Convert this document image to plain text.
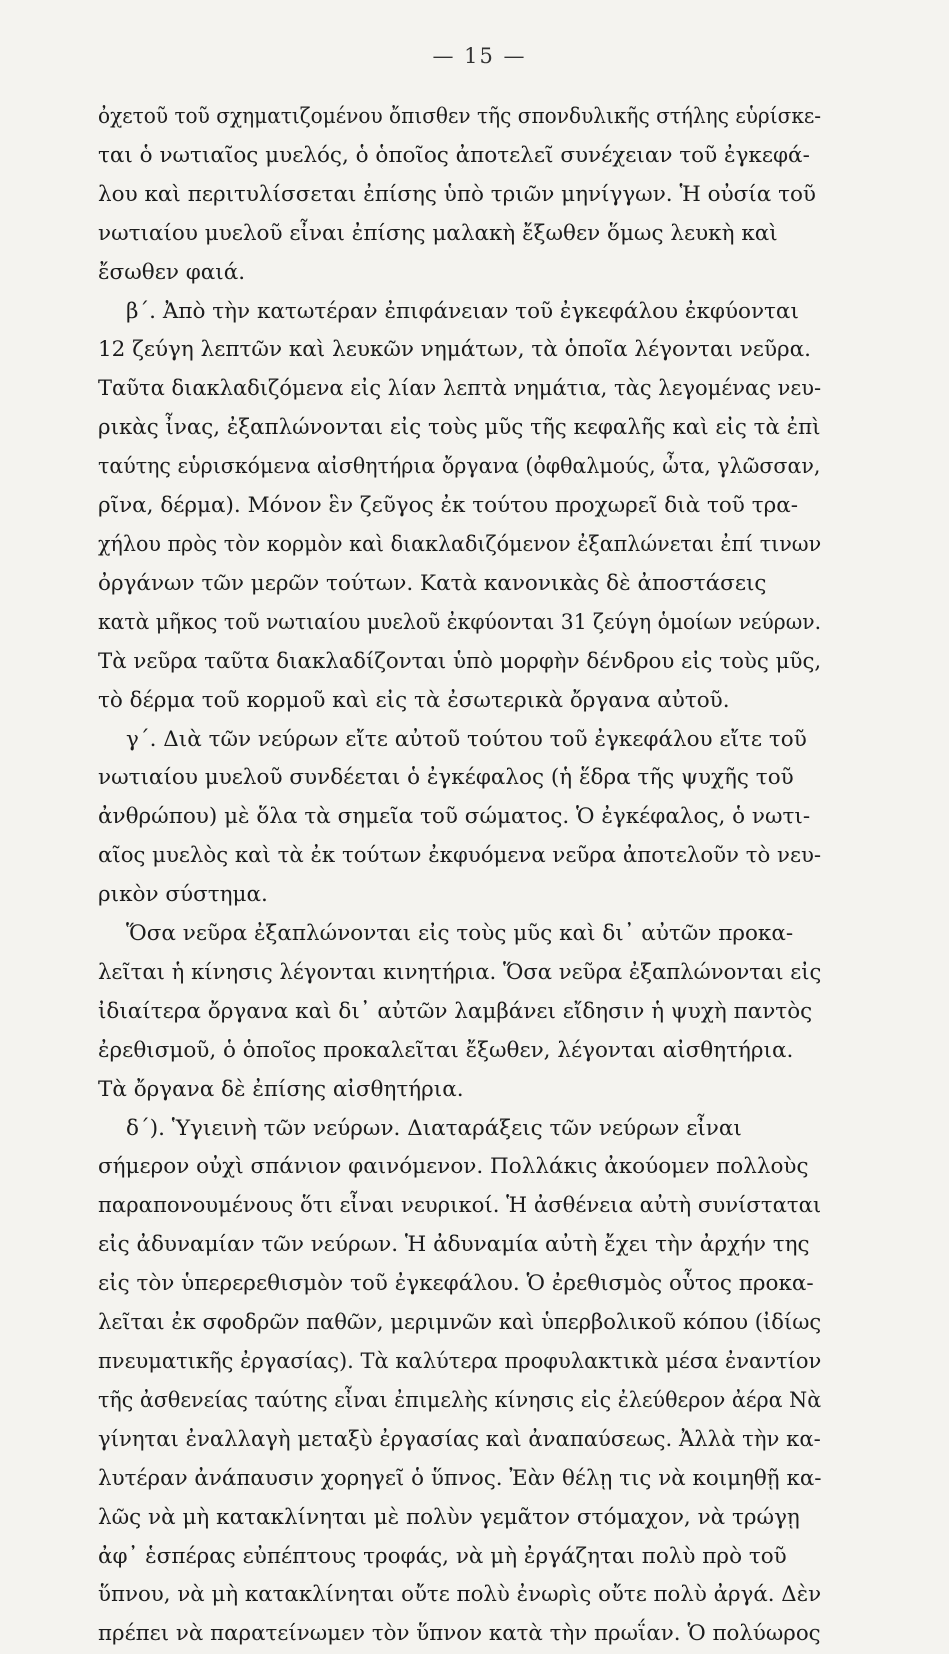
— 15 —
ὀχετοῦ τοῦ σχηματιζομένου ὄπισθεν τῆς σπονδυλικῆς στήλης εὑρίσκε-
ται ὁ νωτιαῖος μυελός, ὁ ὁποῖος ἀποτελεῖ συνέχειαν τοῦ ἐγκεφά-
λου καὶ περιτυλίσσεται ἐπίσης ὑπὸ τριῶν μηνίγγων. Ἡ οὐσία τοῦ
νωτιαίου μυελοῦ εἶναι ἐπίσης μαλακὴ ἔξωθεν ὅμως λευκὴ καὶ
ἔσωθεν φαιά.
β΄. Ἀπὸ τὴν κατωτέραν ἐπιφάνειαν τοῦ ἐγκεφάλου ἐκφύονται
12 ζεύγη λεπτῶν καὶ λευκῶν νημάτων, τὰ ὁποῖα λέγονται νεῦρα.
Ταῦτα διακλαδιζόμενα εἰς λίαν λεπτὰ νημάτια, τὰς λεγομένας νευ-
ρικὰς ἶνας, ἐξαπλώνονται εἰς τοὺς μῦς τῆς κεφαλῆς καὶ εἰς τὰ ἐπὶ
ταύτης εὑρισκόμενα αἰσθητήρια ὄργανα (ὀφθαλμούς, ὦτα, γλῶσσαν,
ρῖνα, δέρμα). Μόνον ἓν ζεῦγος ἐκ τούτου προχωρεῖ διὰ τοῦ τρα-
χήλου πρὸς τὸν κορμὸν καὶ διακλαδιζόμενον ἐξαπλώνεται ἐπί τινων
ὀργάνων τῶν μερῶν τούτων. Κατὰ κανονικὰς δὲ ἀποστάσεις
κατὰ μῆκος τοῦ νωτιαίου μυελοῦ ἐκφύονται 31 ζεύγη ὁμοίων νεύρων.
Τὰ νεῦρα ταῦτα διακλαδίζονται ὑπὸ μορφὴν δένδρου εἰς τοὺς μῦς,
τὸ δέρμα τοῦ κορμοῦ καὶ εἰς τὰ ἐσωτερικὰ ὄργανα αὐτοῦ.
γ΄. Διὰ τῶν νεύρων εἴτε αὐτοῦ τούτου τοῦ ἐγκεφάλου εἴτε τοῦ
νωτιαίου μυελοῦ συνδέεται ὁ ἐγκέφαλος (ἡ ἕδρα τῆς ψυχῆς τοῦ
ἀνθρώπου) μὲ ὅλα τὰ σημεῖα τοῦ σώματος. Ὁ ἐγκέφαλος, ὁ νωτι-
αῖος μυελὸς καὶ τὰ ἐκ τούτων ἐκφυόμενα νεῦρα ἀποτελοῦν τὸ νευ-
ρικὸν σύστημα.
Ὅσα νεῦρα ἐξαπλώνονται εἰς τοὺς μῦς καὶ δι᾽ αὐτῶν προκα-
λεῖται ἡ κίνησις λέγονται κινητήρια. Ὅσα νεῦρα ἐξαπλώνονται εἰς
ἰδιαίτερα ὄργανα καὶ δι᾽ αὐτῶν λαμβάνει εἴδησιν ἡ ψυχὴ παντὸς
ἐρεθισμοῦ, ὁ ὁποῖος προκαλεῖται ἔξωθεν, λέγονται αἰσθητήρια.
Τὰ ὄργανα δὲ ἐπίσης αἰσθητήρια.
δ΄). Ὑγιεινὴ τῶν νεύρων. Διαταράξεις τῶν νεύρων εἶναι
σήμερον οὐχὶ σπάνιον φαινόμενον. Πολλάκις ἀκούομεν πολλοὺς
παραπονουμένους ὅτι εἶναι νευρικοί. Ἡ ἀσθένεια αὐτὴ συνίσταται
εἰς ἀδυναμίαν τῶν νεύρων. Ἡ ἀδυναμία αὐτὴ ἔχει τὴν ἀρχήν της
εἰς τὸν ὑπερερεθισμὸν τοῦ ἐγκεφάλου. Ὁ ἐρεθισμὸς οὗτος προκα-
λεῖται ἐκ σφοδρῶν παθῶν, μεριμνῶν καὶ ὑπερβολικοῦ κόπου (ἰδίως
πνευματικῆς ἐργασίας). Τὰ καλύτερα προφυλακτικὰ μέσα ἐναντίον
τῆς ἀσθενείας ταύτης εἶναι ἐπιμελὴς κίνησις εἰς ἐλεύθερον ἀέρα Νὰ
γίνηται ἐναλλαγὴ μεταξὺ ἐργασίας καὶ ἀναπαύσεως. Ἀλλὰ τὴν κα-
λυτέραν ἀνάπαυσιν χορηγεῖ ὁ ὕπνος. Ἐὰν θέλῃ τις νὰ κοιμηθῇ κα-
λῶς νὰ μὴ κατακλίνηται μὲ πολὺν γεμᾶτον στόμαχον, νὰ τρώγῃ
ἀφ᾽ ἑσπέρας εὐπέπτους τροφάς, νὰ μὴ ἐργάζηται πολὺ πρὸ τοῦ
ὕπνου, νὰ μὴ κατακλίνηται οὔτε πολὺ ἐνωρὶς οὔτε πολὺ ἀργά. Δὲν
πρέπει νὰ παρατείνωμεν τὸν ὕπνον κατὰ τὴν πρωΐαν. Ὁ πολύωρος
